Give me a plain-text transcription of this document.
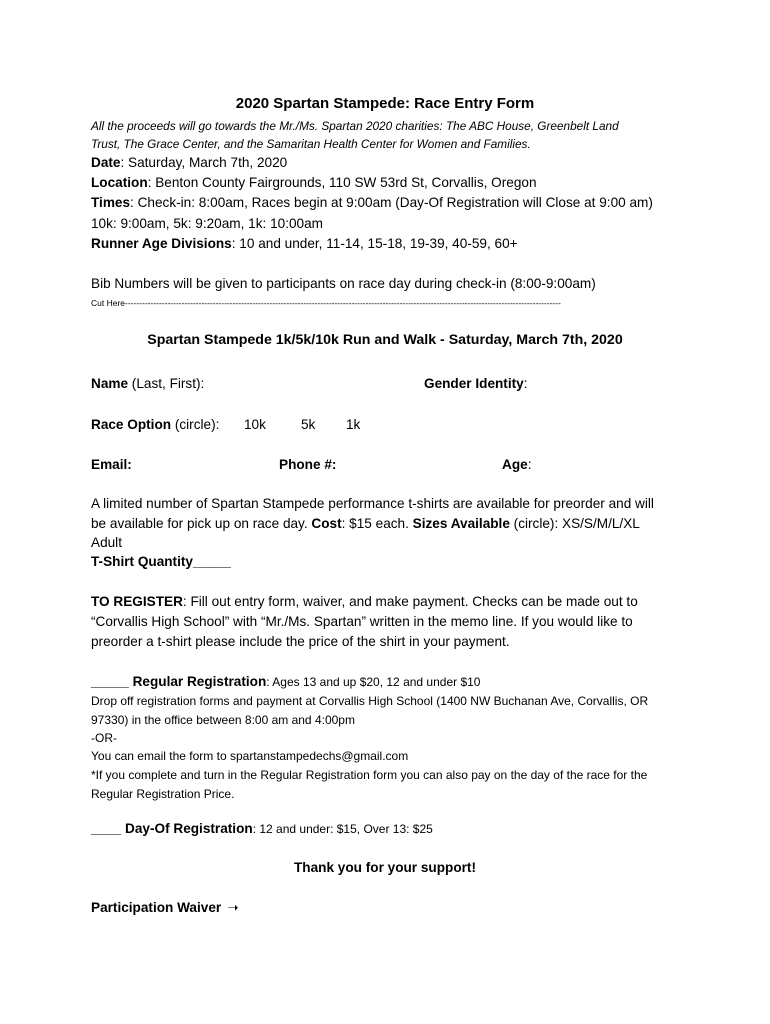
2020 Spartan Stampede: Race Entry Form
All the proceeds will go towards the Mr./Ms. Spartan 2020 charities: The ABC House, Greenbelt Land
Trust, The Grace Center, and the Samaritan Health Center for Women and Families.
Date: Saturday, March 7th, 2020
Location: Benton County Fairgrounds, 110 SW 53rd St, Corvallis, Oregon
Times: Check-in: 8:00am, Races begin at 9:00am (Day-Of Registration will Close at 9:00 am)
10k: 9:00am, 5k: 9:20am, 1k: 10:00am
Runner Age Divisions: 10 and under, 11-14, 15-18, 19-39, 40-59, 60+
Bib Numbers will be given to participants on race day during check-in (8:00-9:00am)
Cut Here----------------------------------------------------------------------------------------------------------------------------------------------------------
Spartan Stampede 1k/5k/10k Run and Walk - Saturday, March 7th, 2020
Name (Last, First):	Gender Identity:
Race Option (circle): 10k	5k 1k
Email:	Phone #:	Age:
A limited number of Spartan Stampede performance t-shirts are available for preorder and will
be available for pick up on race day. Cost: $15 each. Sizes Available (circle): XS/S/M/L/XL
Adult
T-Shirt Quantity_____
TO REGISTER: Fill out entry form, waiver, and make payment. Checks can be made out to
“Corvallis High School” with “Mr./Ms. Spartan” written in the memo line. If you would like to
preorder a t-shirt please include the price of the shirt in your payment.
_____ Regular Registration: Ages 13 and up $20, 12 and under $10
Drop off registration forms and payment at Corvallis High School (1400 NW Buchanan Ave, Corvallis, OR
97330) in the office between 8:00 am and 4:00pm
-OR-
You can email the form to spartanstampedechs@gmail.com
*If you complete and turn in the Regular Registration form you can also pay on the day of the race for the
Regular Registration Price.
____ Day-Of Registration: 12 and under: $15, Over 13: $25
Thank you for your support!
Participation Waiver ➝
